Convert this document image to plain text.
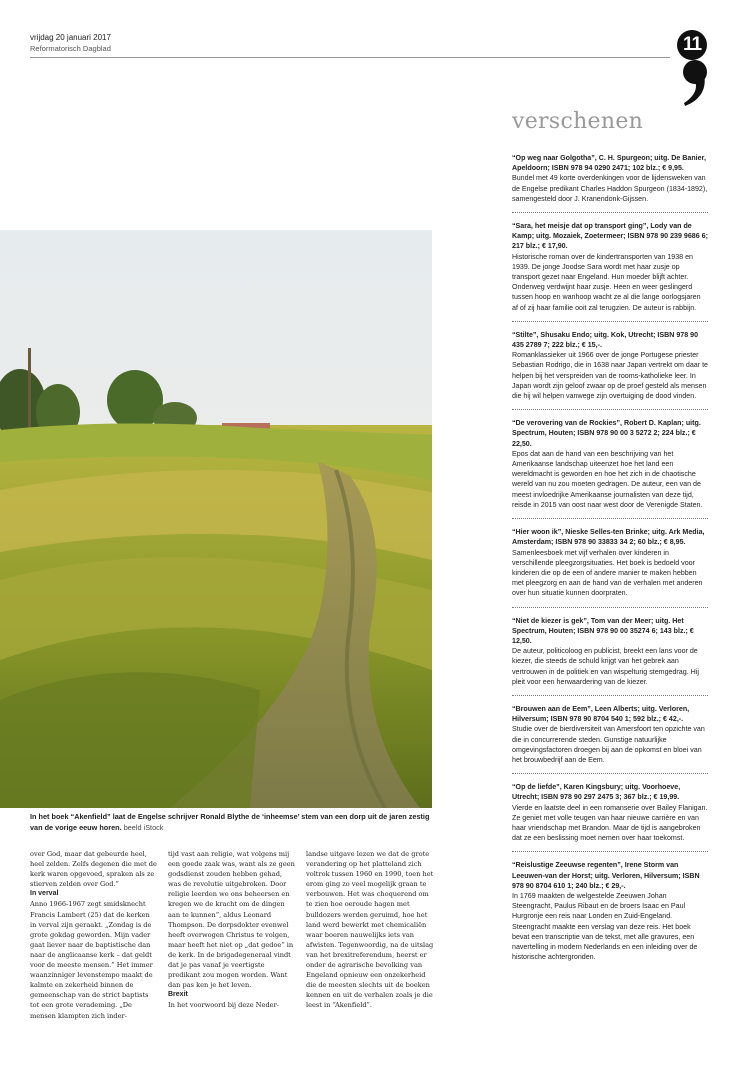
vrijdag 20 januari 2017
Reformatorisch Dagblad	11
verschenen
“Op weg naar Golgotha”, C. H. Spurgeon; uitg. De Banier, Apeldoorn; ISBN 978 94 0290 2471; 102 blz.; € 9,95.
Bundel met 49 korte overdenkingen voor de lijdensweken van de Engelse predikant Charles Haddon Spurgeon (1834-1892), samengesteld door J. Kranendonk-Gijssen.
“Sara, het meisje dat op transport ging”, Lody van de Kamp; uitg. Mozaiek, Zoetermeer; ISBN 978 90 239 9686 6; 217 blz.; € 17,90.
Historische roman over de kindertransporten van 1938 en 1939. De jonge Joodse Sara wordt met haar zusje op transport gezet naar Engeland. Hun moeder blijft achter. Onderweg verdwijnt haar zusje. Heen en weer geslingerd tussen hoop en wanhoop wacht ze al die lange oorlogsjaren af of zij haar familie ooit zal terugzien. De auteur is rabbijn.
“Stilte”, Shusaku Endo; uitg. Kok, Utrecht; ISBN 978 90 435 2789 7; 222 blz.; € 15,-.
Romanklassieker uit 1966 over de jonge Portugese priester Sebastian Rodrigo, die in 1638 naar Japan vertrekt om daar te helpen bij het verspreiden van de rooms-katholieke leer. In Japan wordt zijn geloof zwaar op de proef gesteld als mensen die hij wil helpen vanwege zijn overtuiging de dood vinden.
“De verovering van de Rockies”, Robert D. Kaplan; uitg. Spectrum, Houten; ISBN 978 90 00 3 5272 2; 224 blz.; € 22,50.
Epos dat aan de hand van een beschrijving van het Amerikaanse landschap uiteenzet hoe het land een wereldmacht is geworden en hoe het zich in de chaotische wereld van nu zou moeten gedragen. De auteur, een van de meest invloedrijke Amerikaanse journalisten van deze tijd, reisde in 2015 van oost naar west door de Verenigde Staten.
“Hier woon ik”, Nieske Selles-ten Brinke; uitg. Ark Media, Amsterdam; ISBN 978 90 33833 34 2; 60 blz.; € 8,95.
Samenleesboek met vijf verhalen over kinderen in verschillende pleegzorgsituaties. Het boek is bedoeld voor kinderen die op de een of andere manier te maken hebben met pleegzorg en aan de hand van de verhalen met anderen over hun situatie kunnen doorpraten.
“Niet de kiezer is gek”, Tom van der Meer; uitg. Het Spectrum, Houten; ISBN 978 90 00 35274 6; 143 blz.; € 12,50.
De auteur, politicoloog en publicist, breekt een lans voor de kiezer, die steeds de schuld krijgt van het gebrek aan vertrouwen in de politiek en van wispelturig stemgedrag. Hij pleit voor een herwaardering van de kiezer.
“Brouwen aan de Eem”, Leen Alberts; uitg. Verloren, Hilversum; ISBN 978 90 8704 540 1; 592 blz.; € 42,-.
Studie over de bierdiversiteit van Amersfoort ten opzichte van die in concurrerende steden. Gunstige natuurlijke omgevingsfactoren droegen bij aan de opkomst en bloei van het brouwbedrijf aan de Eem.
“Op de liefde”, Karen Kingsbury; uitg. Voorhoeve, Utrecht; ISBN 978 90 297 2475 3; 367 blz.; € 19,99.
Vierde en laatste deel in een romanserie over Bailey Flanigan. Ze geniet met volle teugen van haar nieuwe carrière en van haar vriendschap met Brandon. Maar de tijd is aangebroken dat ze een beslissing moet nemen over haar toekomst.
“Reislustige Zeeuwse regenten”, Irene Storm van Leeuwen-van der Horst; uitg. Verloren, Hilversum; ISBN 978 90 8704 610 1; 240 blz.; € 29,-.
In 1769 maakten de welgestelde Zeeuwen Johan Steengracht, Paulus Ribaut en de broers Isaac en Paul Hurgronje een reis naar Londen en Zuid-Engeland. Steengracht maakte een verslag van deze reis. Het boek bevat een transcriptie van de tekst, met alle gravures, een navertelling in modern Nederlands en een inleiding over de historische achtergronden.
In het boek “Akenfield” laat de Engelse schrijver Ronald Blythe de ‘inheemse’ stem van een dorp uit de jaren zestig van de vorige eeuw horen. beeld iStock

over God, maar dat gebeurde heel, heel zelden. Zelfs degenen die met de kerk waren opgevoed, spraken als ze stierven zelden over God.”

In verval

Anno 1966-1967 zegt smidsknecht Francis Lambert (25) dat de kerken in verval zijn geraakt. „Zondag is de grote gokdag geworden. Mijn vader gaat liever naar de baptistische dan naar de anglicaanse kerk – dat geldt voor de meeste mensen.” Het immer waanzinniger levenstempo maakt de kalmte en zekerheid binnen de gemeenschap van de strict baptists tot een grote verademing. „De mensen klampten zich inder-

tijd vast aan religie, wat volgens mij een goede zaak was, want als ze geen godsdienst zouden hebben gehad, was de revolutie uitgebroken. Door religie leerden we ons beheersen en kregen we de kracht om de dingen aan te kunnen”, aldus Leonard Thompson. De dorpsdokter evenwel heeft overwogen Christus te volgen, maar heeft het niet op „dat gedoe” in de kerk. In de brigadegeneraal vindt dat je pas vanaf je veertigste predikant zou mogen worden. Want dan pas ken je het leven.

Brexit

In het voorwoord bij deze Neder-

landse uitgave lezen we dat de grote verandering op het platteland zich voltrok tussen 1960 en 1990, toen het erom ging zo veel mogelijk graan te verbouwen. Het was choquerend om te zien hoe oeroude hagen met bulldozers werden geruimd, hoe het land werd bewerkt met chemicaliën waar boeren nauwelijks iets van afwisten. Tegenwoordig, na de uitslag van het brexitreferendum, heerst er onder de agrarische bevolking van Engeland opnieuw een onzekerheid die de meesten slechts uit de boeken kennen en uit de verhalen zoals je die leest in “Akenfield”.
